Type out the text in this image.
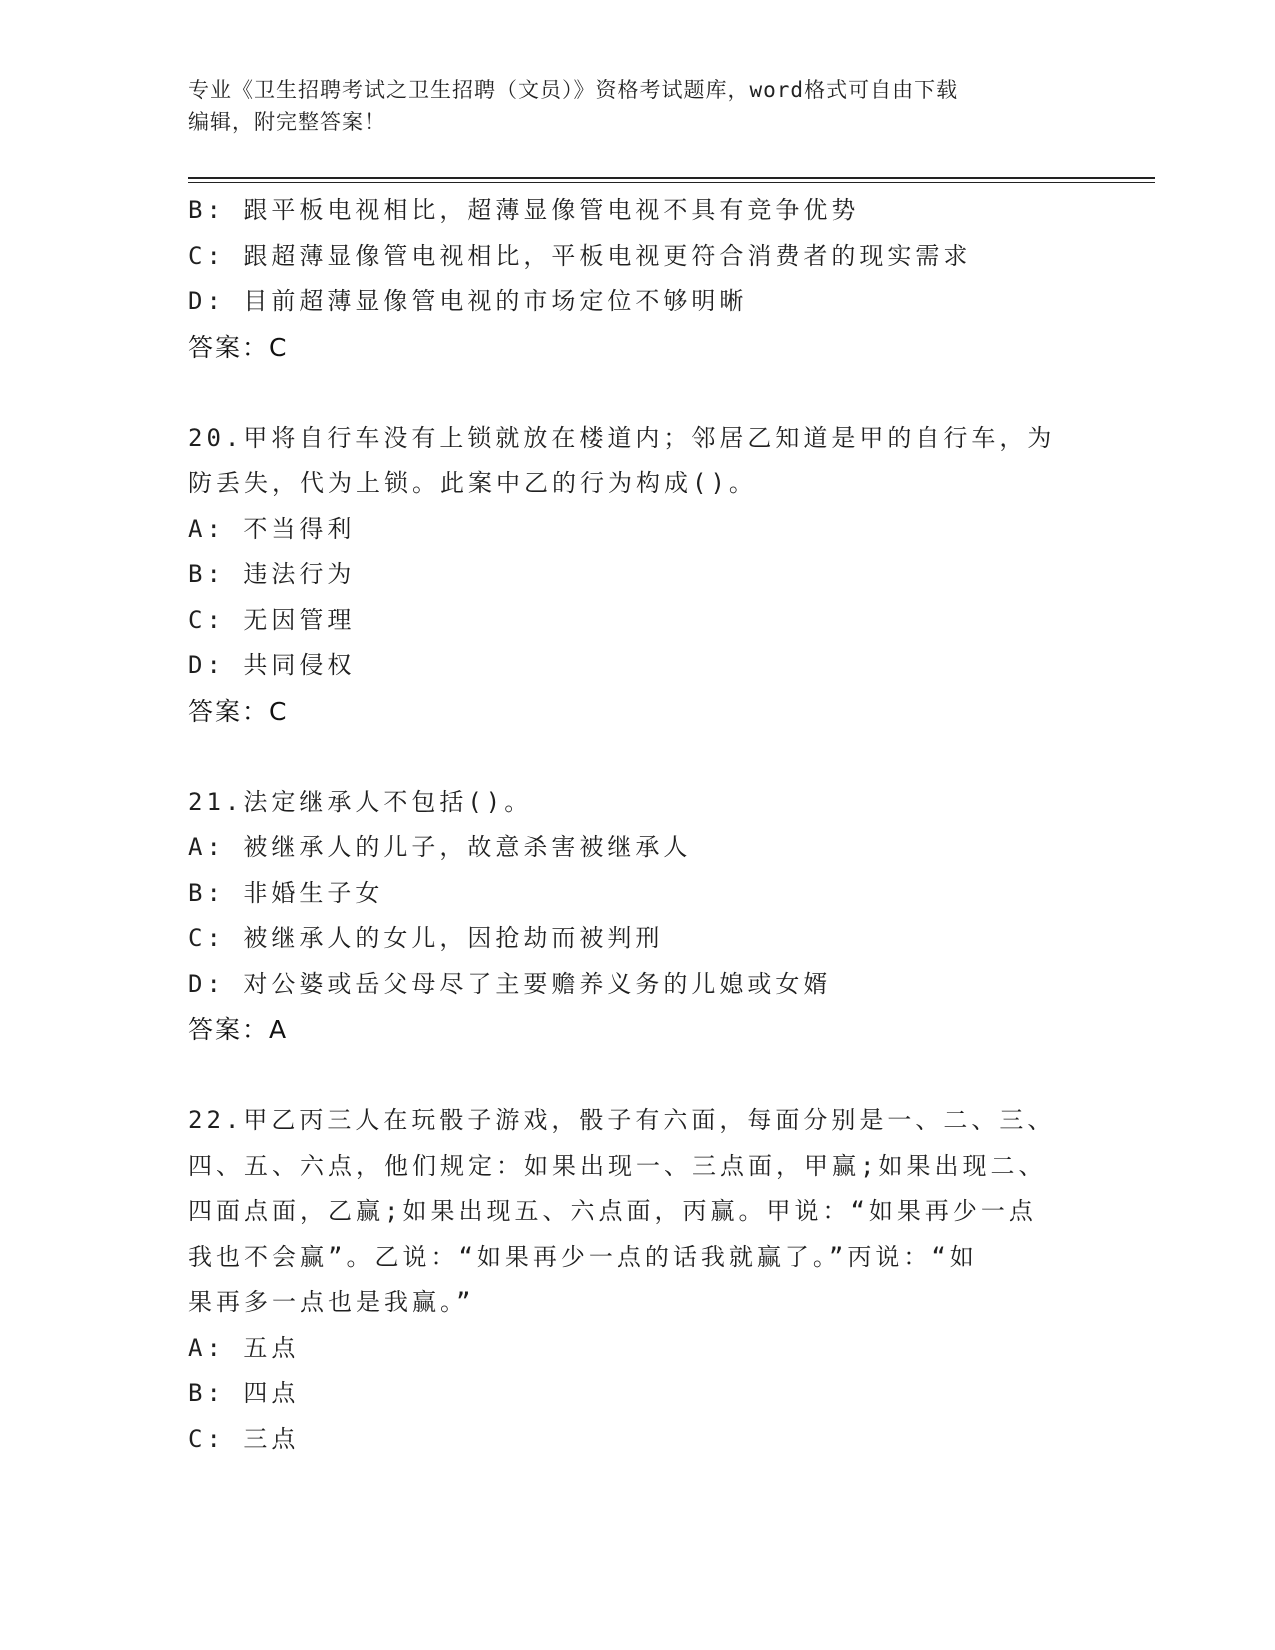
专业《卫生招聘考试之卫生招聘（文员）》资格考试题库，word格式可自由下载
编辑，附完整答案！
B: 跟平板电视相比，超薄显像管电视不具有竞争优势
C: 跟超薄显像管电视相比，平板电视更符合消费者的现实需求
D: 目前超薄显像管电视的市场定位不够明晰
答案：C
20.甲将自行车没有上锁就放在楼道内；邻居乙知道是甲的自行车，为
防丢失，代为上锁。此案中乙的行为构成()。
A: 不当得利
B: 违法行为
C: 无因管理
D: 共同侵权
答案：C
21.法定继承人不包括()。
A: 被继承人的儿子，故意杀害被继承人
B: 非婚生子女
C: 被继承人的女儿，因抢劫而被判刑
D: 对公婆或岳父母尽了主要赡养义务的儿媳或女婿
答案：A
22.甲乙丙三人在玩骰子游戏，骰子有六面，每面分别是一、二、三、
四、五、六点，他们规定：如果出现一、三点面，甲赢;如果出现二、
四面点面，乙赢;如果出现五、六点面，丙赢。甲说：“如果再少一点
我也不会赢”。乙说：“如果再少一点的话我就赢了。”丙说：“如
果再多一点也是我赢。”
A: 五点
B: 四点
C: 三点
